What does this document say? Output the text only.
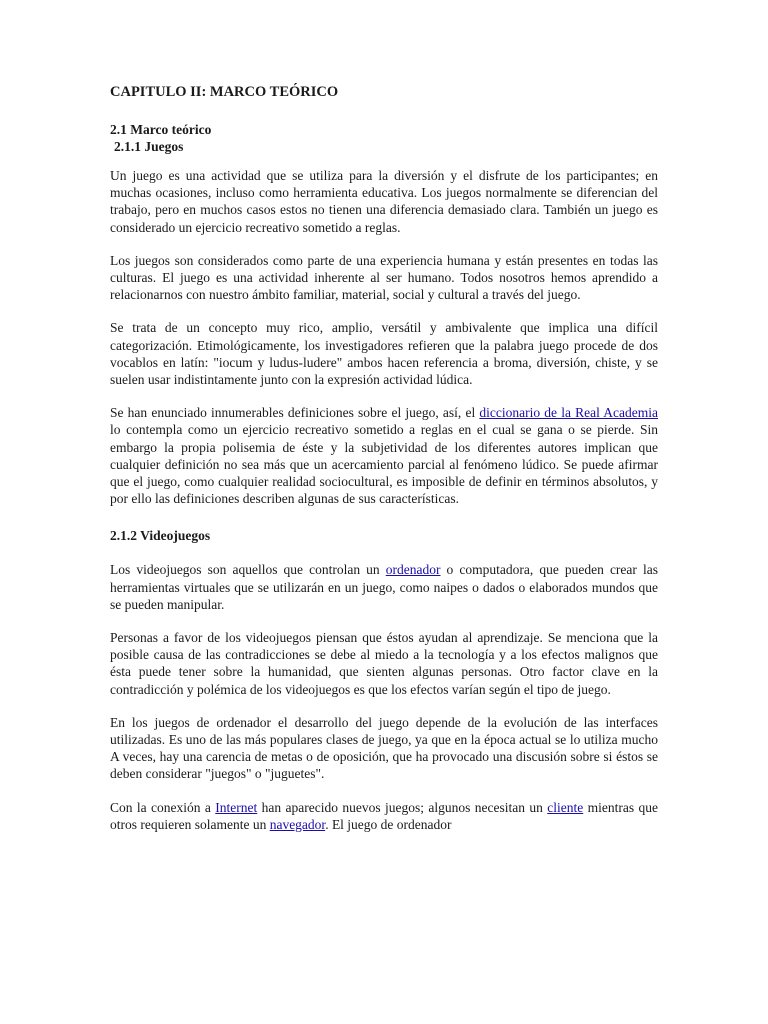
CAPITULO II: MARCO TEÓRICO
2.1 Marco teórico
2.1.1 Juegos

Un juego es una actividad que se utiliza para la diversión y el disfrute de los participantes; en muchas ocasiones, incluso como herramienta educativa. Los juegos normalmente se diferencian del trabajo, pero en muchos casos estos no tienen una diferencia demasiado clara. También un juego es considerado un ejercicio recreativo sometido a reglas.

Los juegos son considerados como parte de una experiencia humana y están presentes en todas las culturas. El juego es una actividad inherente al ser humano. Todos nosotros hemos aprendido a relacionarnos con nuestro ámbito familiar, material, social y cultural a través del juego.

Se trata de un concepto muy rico, amplio, versátil y ambivalente que implica una difícil categorización. Etimológicamente, los investigadores refieren que la palabra juego procede de dos vocablos en latín: "iocum y ludus-ludere" ambos hacen referencia a broma, diversión, chiste, y se suelen usar indistintamente junto con la expresión actividad lúdica.

Se han enunciado innumerables definiciones sobre el juego, así, el diccionario de la Real Academia lo contempla como un ejercicio recreativo sometido a reglas en el cual se gana o se pierde. Sin embargo la propia polisemia de éste y la subjetividad de los diferentes autores implican que cualquier definición no sea más que un acercamiento parcial al fenómeno lúdico. Se puede afirmar que el juego, como cualquier realidad sociocultural, es imposible de definir en términos absolutos, y por ello las definiciones describen algunas de sus características.

2.1.2 Videojuegos

Los videojuegos son aquellos que controlan un ordenador o computadora, que pueden crear las herramientas virtuales que se utilizarán en un juego, como naipes o dados o elaborados mundos que se pueden manipular.

Personas a favor de los videojuegos piensan que éstos ayudan al aprendizaje. Se menciona que la posible causa de las contradicciones se debe al miedo a la tecnología y a los efectos malignos que ésta puede tener sobre la humanidad, que sienten algunas personas. Otro factor clave en la contradicción y polémica de los videojuegos es que los efectos varían según el tipo de juego.

En los juegos de ordenador el desarrollo del juego depende de la evolución de las interfaces utilizadas. Es uno de las más populares clases de juego, ya que en la época actual se lo utiliza mucho A veces, hay una carencia de metas o de oposición, que ha provocado una discusión sobre si éstos se deben considerar "juegos" o "juguetes".

Con la conexión a Internet han aparecido nuevos juegos; algunos necesitan un cliente mientras que otros requieren solamente un navegador. El juego de ordenador
